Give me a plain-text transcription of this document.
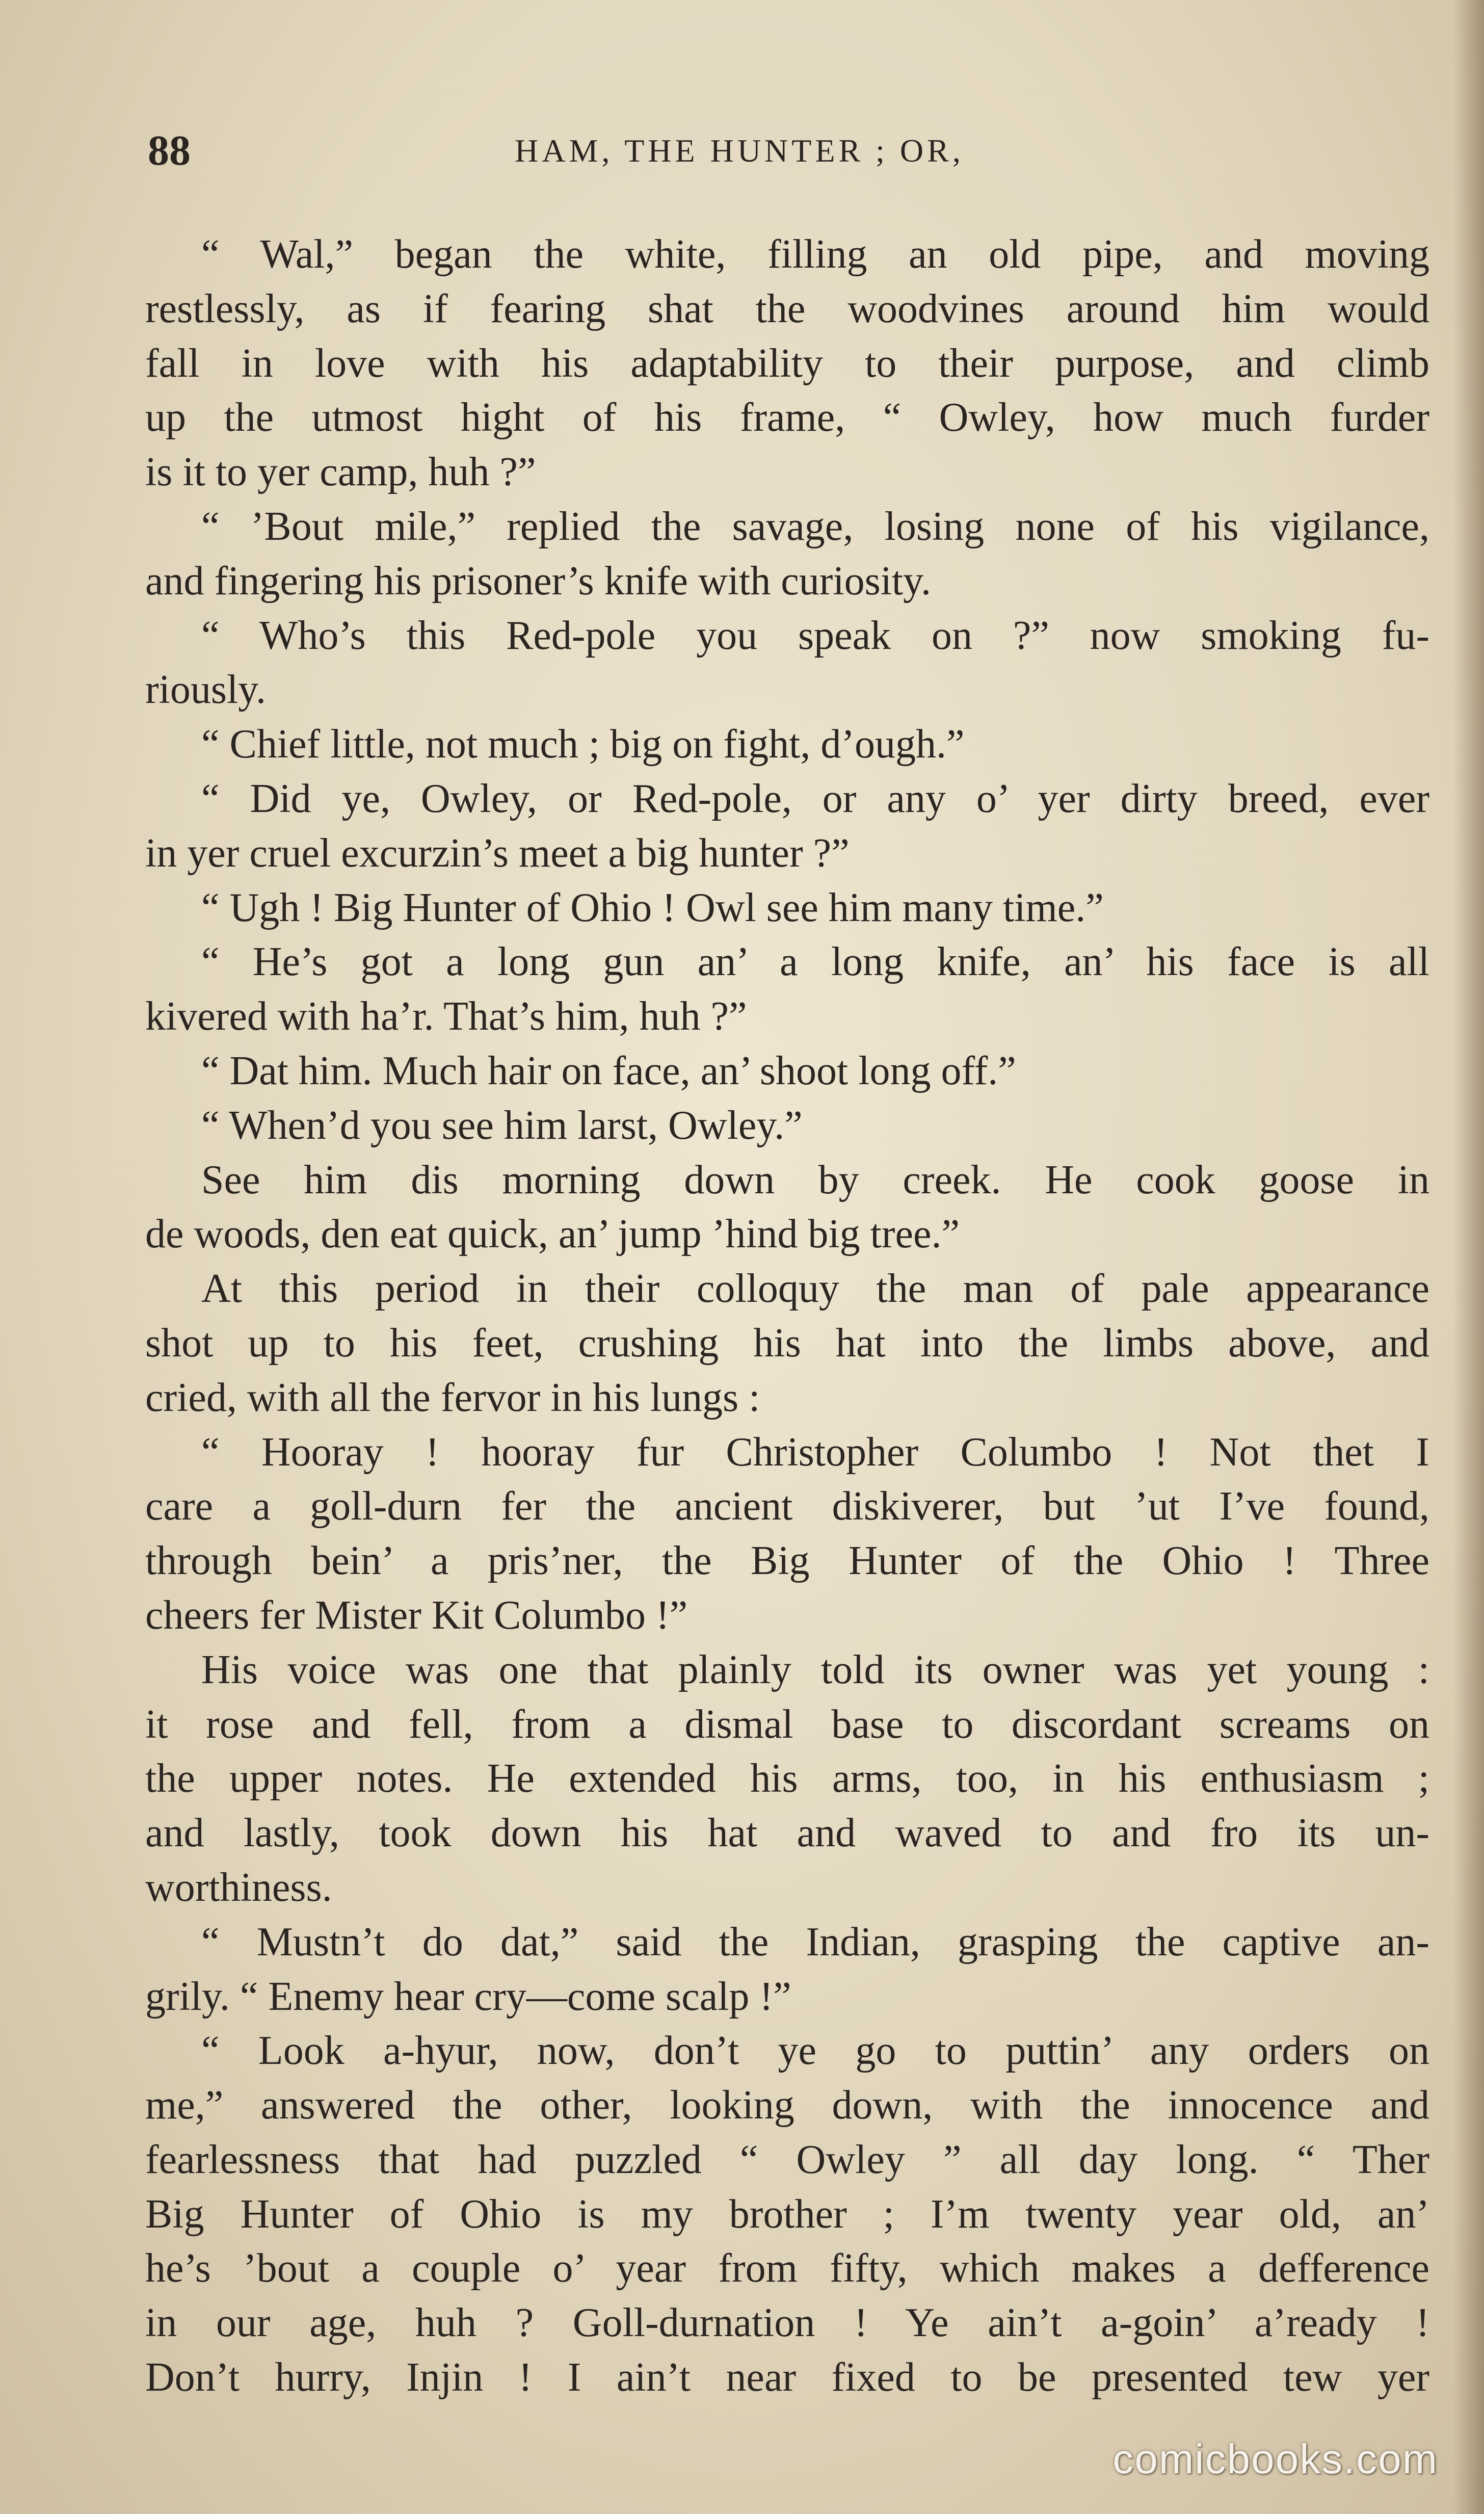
88	HAM, THE HUNTER ; OR,
“ Wal,” began the white, filling an old pipe, and moving
restlessly, as if fearing shat the woodvines around him would
fall in love with his adaptability to their purpose, and climb
up the utmost hight of his frame, “ Owley, how much furder
is it to yer camp, huh ?”
“ ’Bout mile,” replied the savage, losing none of his vigilance,
and fingering his prisoner’s knife with curiosity.
“ Who’s this Red-pole you speak on ?” now smoking fu-
riously.
“ Chief little, not much ; big on fight, d’ough.”
“ Did ye, Owley, or Red-pole, or any o’ yer dirty breed, ever
in yer cruel excurzin’s meet a big hunter ?”
“ Ugh ! Big Hunter of Ohio ! Owl see him many time.”
“ He’s got a long gun an’ a long knife, an’ his face is all
kivered with ha’r. That’s him, huh ?”
“ Dat him. Much hair on face, an’ shoot long off.”
“ When’d you see him larst, Owley.”
See him dis morning down by creek. He cook goose in
de woods, den eat quick, an’ jump ’hind big tree.”
At this period in their colloquy the man of pale appearance
shot up to his feet, crushing his hat into the limbs above, and
cried, with all the fervor in his lungs :
“ Hooray ! hooray fur Christopher Columbo ! Not thet I
care a goll-durn fer the ancient diskiverer, but ’ut I’ve found,
through bein’ a pris’ner, the Big Hunter of the Ohio ! Three
cheers fer Mister Kit Columbo !”
His voice was one that plainly told its owner was yet young :
it rose and fell, from a dismal base to discordant screams on
the upper notes. He extended his arms, too, in his enthusiasm ;
and lastly, took down his hat and waved to and fro its un-
worthiness.
“ Mustn’t do dat,” said the Indian, grasping the captive an-
grily. “ Enemy hear cry—come scalp !”
“ Look a-hyur, now, don’t ye go to puttin’ any orders on
me,” answered the other, looking down, with the innocence and
fearlessness that had puzzled “ Owley ” all day long. “ Ther
Big Hunter of Ohio is my brother ; I’m twenty year old, an’
he’s ’bout a couple o’ year from fifty, which makes a defference
in our age, huh ? Goll-durnation ! Ye ain’t a-goin’ a’ready !
Don’t hurry, Injin ! I ain’t near fixed to be presented tew yer
comicbooks.com
